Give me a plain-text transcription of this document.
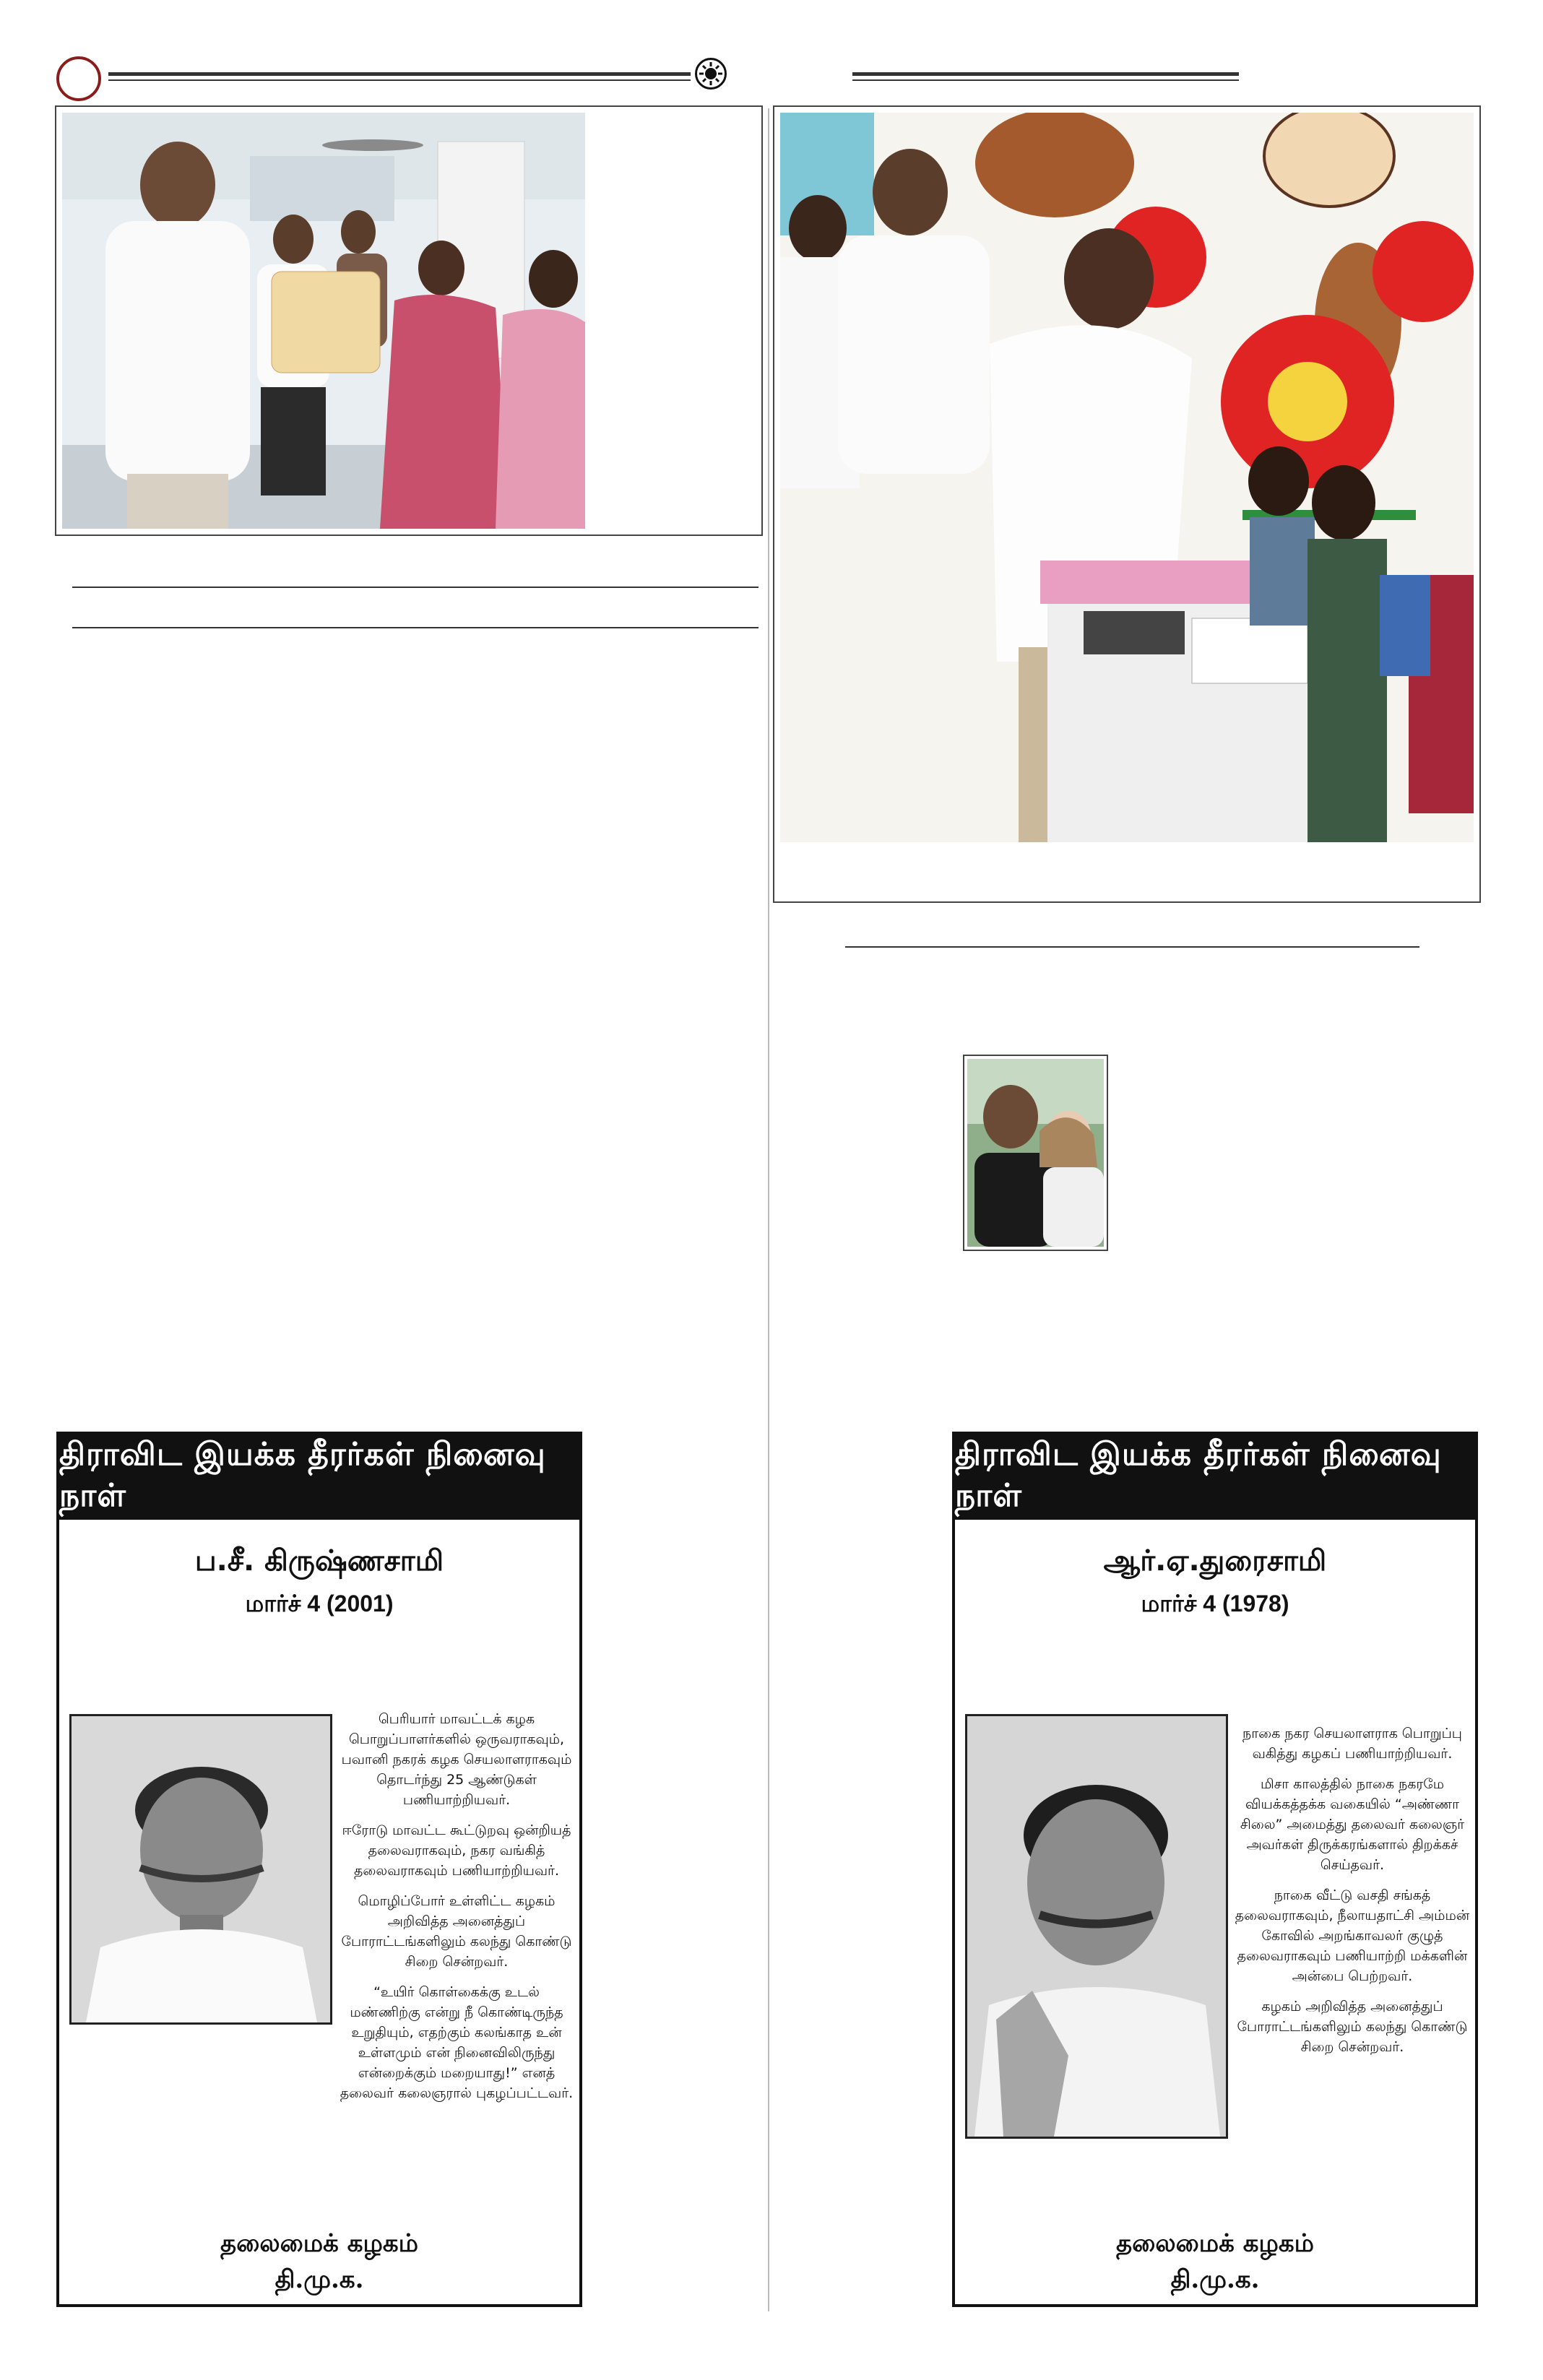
திராவிட இயக்க தீரர்கள் நினைவு நாள்
ப.சீ. கிருஷ்ணசாமி
மார்ச் 4 (2001)

பெரியார் மாவட்டக் கழக பொறுப்பாளர்களில் ஒருவராகவும், பவானி நகரக் கழக செயலாளராகவும் தொடர்ந்து 25 ஆண்டுகள் பணியாற்றியவர்.

ஈரோடு மாவட்ட கூட்டுறவு ஒன்றியத் தலைவராகவும், நகர வங்கித் தலைவராகவும் பணியாற்றியவர்.

மொழிப்போர் உள்ளிட்ட கழகம் அறிவித்த அனைத்துப் போராட்டங்களிலும் கலந்து கொண்டு சிறை சென்றவர்.

“உயிர் கொள்கைக்கு உடல் மண்ணிற்கு என்று நீ கொண்டிருந்த உறுதியும், எதற்கும் கலங்காத உன் உள்ளமும் என் நினைவிலிருந்து என்றைக்கும் மறையாது!” எனத் தலைவர் கலைஞரால் புகழப்பட்டவர்.

தலைமைக் கழகம்
தி.மு.க.
திராவிட இயக்க தீரர்கள் நினைவு நாள்
ஆர்.ஏ.துரைசாமி
மார்ச் 4 (1978)

நாகை நகர செயலாளராக பொறுப்பு வகித்து கழகப் பணியாற்றியவர்.

மிசா காலத்தில் நாகை நகரமே வியக்கத்தக்க வகையில் “அண்ணா சிலை” அமைத்து தலைவர் கலைஞர் அவர்கள் திருக்கரங்களால் திறக்கச் செய்தவர்.

நாகை வீட்டு வசதி சங்கத் தலைவராகவும், நீலாயதாட்சி அம்மன் கோவில் அறங்காவலர் குழுத் தலைவராகவும் பணியாற்றி மக்களின் அன்பை பெற்றவர்.

கழகம் அறிவித்த அனைத்துப் போராட்டங்களிலும் கலந்து கொண்டு சிறை சென்றவர்.

தலைமைக் கழகம்
தி.மு.க.
